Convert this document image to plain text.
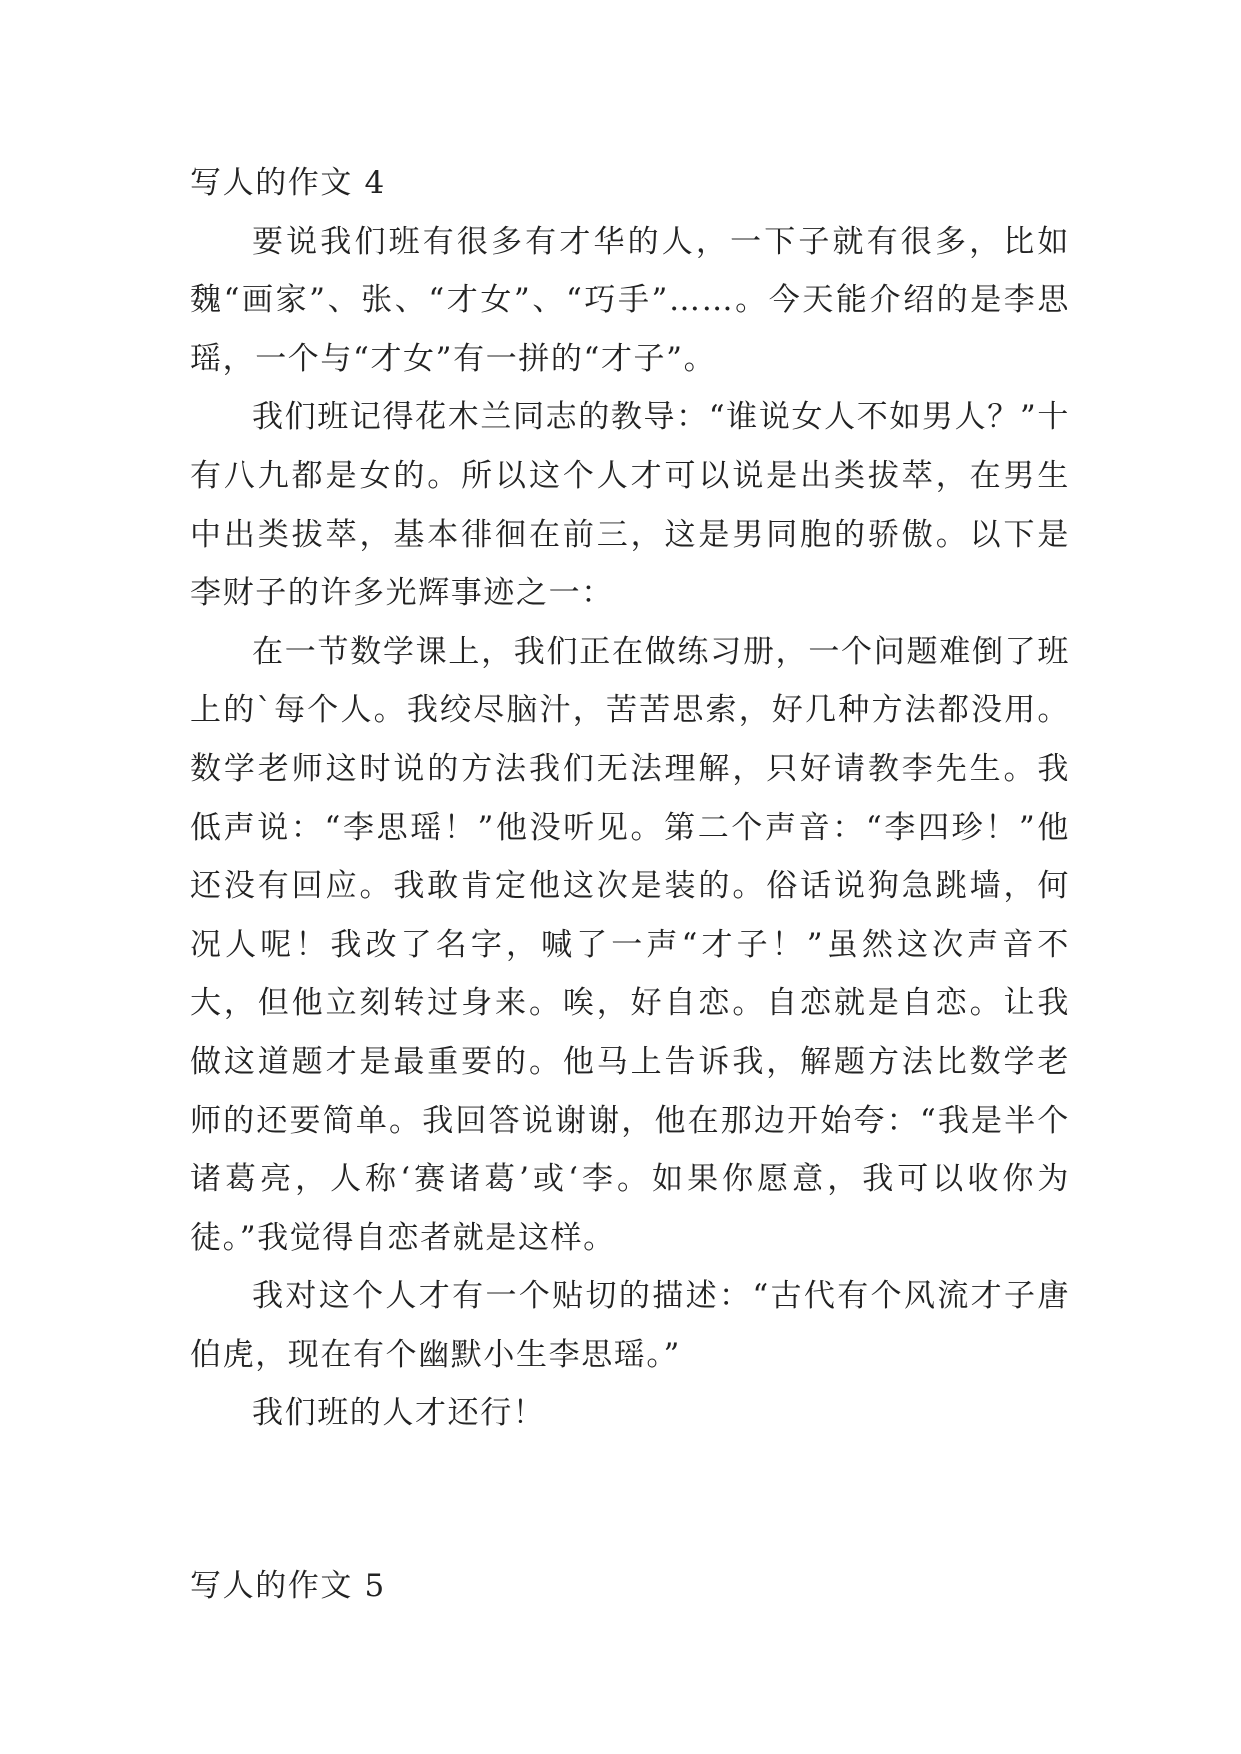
写人的作文 4

要说我们班有很多有才华的人，一下子就有很多，比如魏“画家”、张、“才女”、“巧手”……。今天能介绍的是李思瑶，一个与“才女”有一拼的“才子”。

我们班记得花木兰同志的教导：“谁说女人不如男人？”十有八九都是女的。所以这个人才可以说是出类拔萃，在男生中出类拔萃，基本徘徊在前三，这是男同胞的骄傲。以下是李财子的许多光辉事迹之一：

在一节数学课上，我们正在做练习册，一个问题难倒了班上的`每个人。我绞尽脑汁，苦苦思索，好几种方法都没用。数学老师这时说的方法我们无法理解，只好请教李先生。我低声说：“李思瑶！”他没听见。第二个声音：“李四珍！”他还没有回应。我敢肯定他这次是装的。俗话说狗急跳墙，何况人呢！我改了名字，喊了一声“才子！”虽然这次声音不大，但他立刻转过身来。唉，好自恋。自恋就是自恋。让我做这道题才是最重要的。他马上告诉我，解题方法比数学老师的还要简单。我回答说谢谢，他在那边开始夸：“我是半个诸葛亮，人称‘赛诸葛’或‘李。如果你愿意，我可以收你为徒。”我觉得自恋者就是这样。

我对这个人才有一个贴切的描述：“古代有个风流才子唐伯虎，现在有个幽默小生李思瑶。”

我们班的人才还行！

写人的作文 5
